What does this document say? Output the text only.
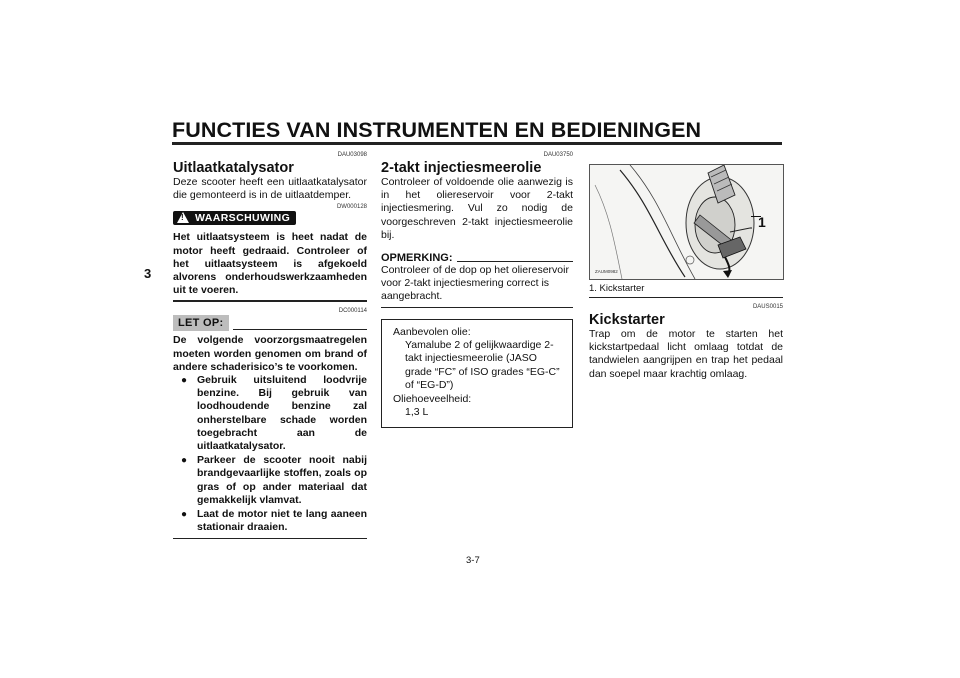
FUNCTIES VAN INSTRUMENTEN EN BEDIENINGEN
3
DAU03098
Uitlaatkatalysator
Deze scooter heeft een uitlaatkatalysator die gemonteerd is in de uitlaatdemper.
DW000128
! WAARSCHUWING
Het uitlaatsysteem is heet nadat de motor heeft gedraaid. Controleer of het uitlaatsysteem is afgekoeld alvorens onderhoudswerkzaamheden uit te voeren.
DC000114
LET OP:
De volgende voorzorgsmaatregelen moeten worden genomen om brand of andere schaderisico’s te voorkomen.
● Gebruik uitsluitend loodvrije benzine. Bij gebruik van loodhoudende benzine zal onherstelbare schade worden toegebracht aan de uitlaatkatalysator.
● Parkeer de scooter nooit nabij brandgevaarlijke stoffen, zoals op gras of op ander materiaal dat gemakkelijk vlamvat.
● Laat de motor niet te lang aaneen stationair draaien.
DAU03750
2-takt injectiesmeerolie
Controleer of voldoende olie aanwezig is in het oliereservoir voor 2-takt injectiesmering. Vul zo nodig de voorgeschreven 2-takt injectiesmeerolie bij.
OPMERKING:
Controleer of de dop op het oliereservoir voor 2-takt injectiesmering correct is aangebracht.
Aanbevolen olie:
Yamalube 2 of gelijkwaardige 2-takt injectiesmeerolie (JASO grade “FC” of ISO grades “EG-C” of “EG-D”)
Oliehoeveelheid:
1,3 L
1
ZAUM0982
1. Kickstarter
DAUS0015
Kickstarter
Trap om de motor te starten het kickstartpedaal licht omlaag totdat de tandwielen aangrijpen en trap het pedaal dan soepel maar krachtig omlaag.
3-7
